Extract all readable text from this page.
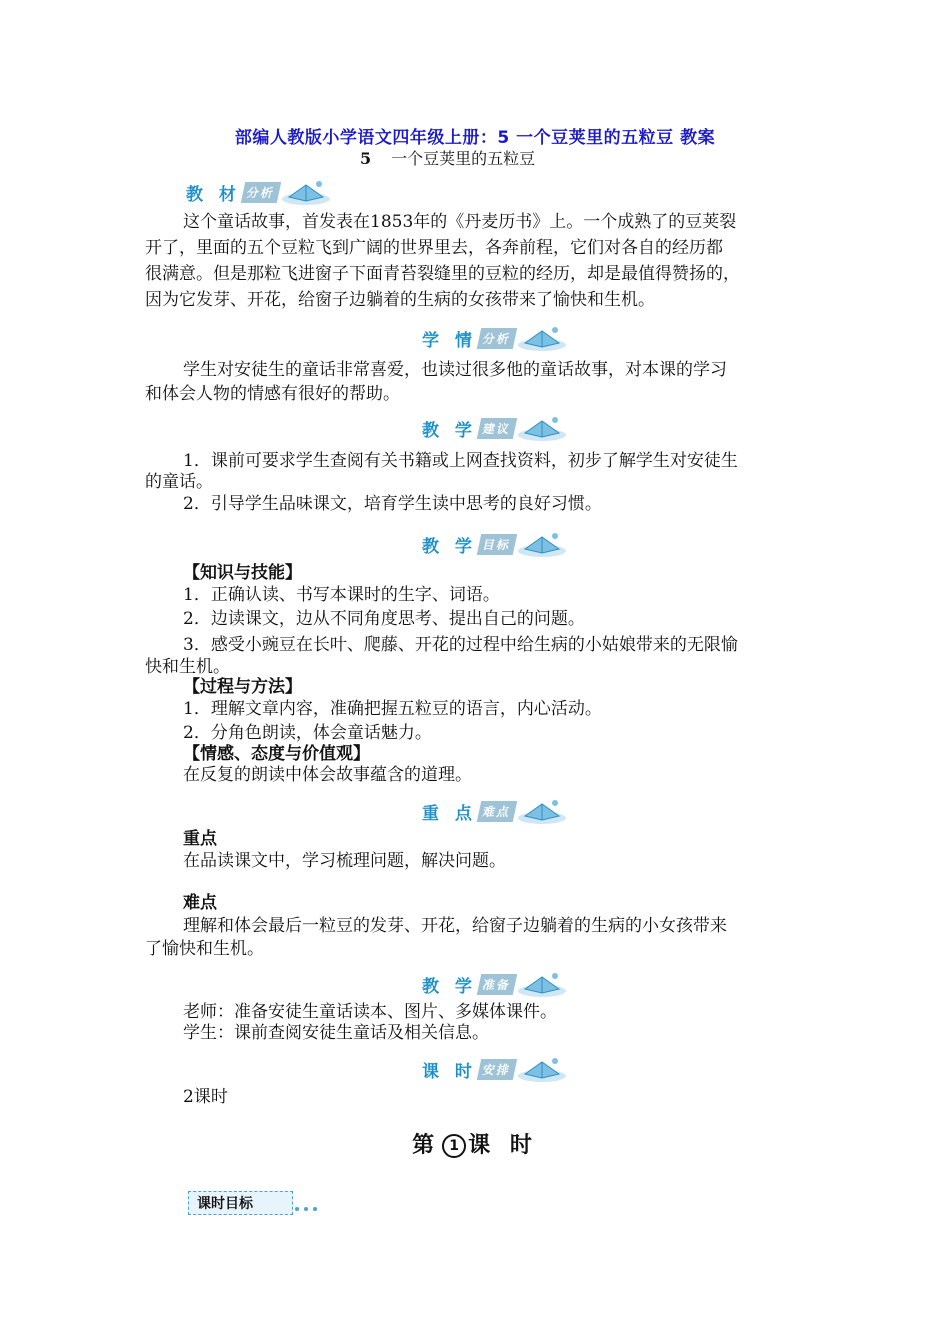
部编人教版小学语文四年级上册：5 一个豆荚里的五粒豆 教案
5 一个豆荚里的五粒豆
教 材 分析
这个童话故事，首发表在1853年的《丹麦历书》上。一个成熟了的豆荚裂
开了，里面的五个豆粒飞到广阔的世界里去，各奔前程，它们对各自的经历都
很满意。但是那粒飞进窗子下面青苔裂缝里的豆粒的经历，却是最值得赞扬的，
因为它发芽、开花，给窗子边躺着的生病的女孩带来了愉快和生机。
学 情 分析
学生对安徒生的童话非常喜爱，也读过很多他的童话故事，对本课的学习
和体会人物的情感有很好的帮助。
教 学 建议
1．课前可要求学生查阅有关书籍或上网查找资料，初步了解学生对安徒生
的童话。
2．引导学生品味课文，培育学生读中思考的良好习惯。
教 学 目标
【知识与技能】
1．正确认读、书写本课时的生字、词语。
2．边读课文，边从不同角度思考、提出自己的问题。
3．感受小豌豆在长叶、爬藤、开花的过程中给生病的小姑娘带来的无限愉
快和生机。
【过程与方法】
1．理解文章内容，准确把握五粒豆的语言，内心活动。
2．分角色朗读，体会童话魅力。
【情感、态度与价值观】
在反复的朗读中体会故事蕴含的道理。
重 点 难点
重点
在品读课文中，学习梳理问题，解决问题。
难点
理解和体会最后一粒豆的发芽、开花，给窗子边躺着的生病的小女孩带来
了愉快和生机。
教 学 准备
老师：准备安徒生童话读本、图片、多媒体课件。
学生：课前查阅安徒生童话及相关信息。
课 时 安排
2课时
第 1 课 时
课时目标
